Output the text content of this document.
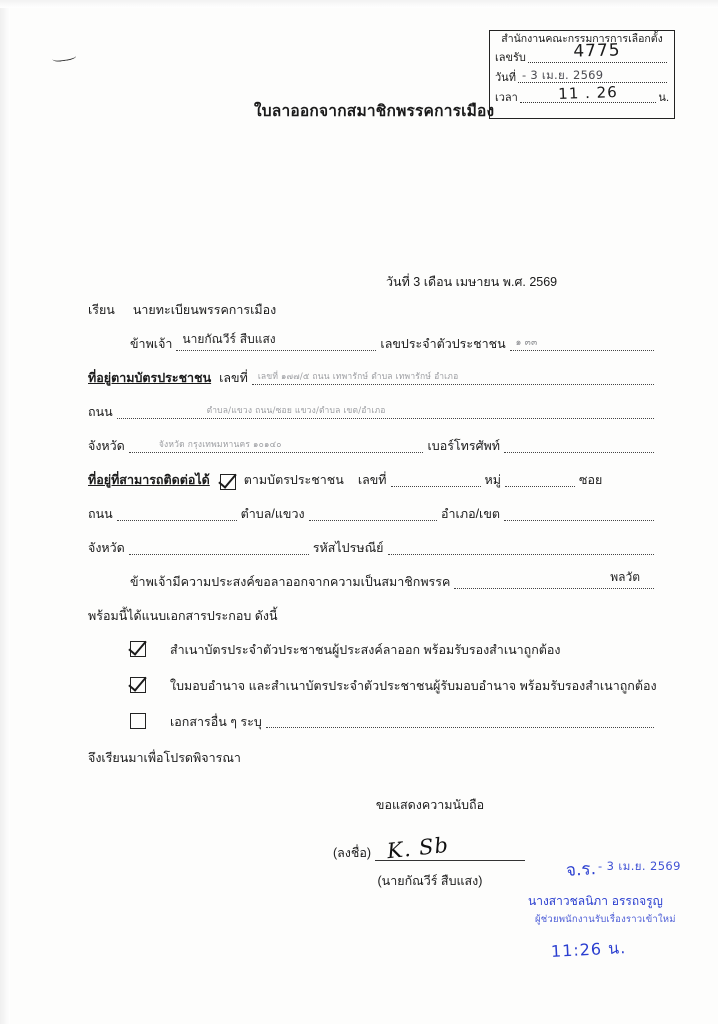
สำนักงานคณะกรรมการการเลือกตั้ง
เลขรับ	4775
วันที่ - 3 เม.ย. 2569
เวลา	11 . 26	น.
ใบลาออกจากสมาชิกพรรคการเมือง
วันที่ 3 เดือน เมษายน พ.ศ. 2569
เรียน นายทะเบียนพรรคการเมือง
ข้าพเจ้า นายกัณวีร์ สืบแสง	เลขประจำตัวประชาชน ๑ ๓๓
ที่อยู่ตามบัตรประชาชน เลขที่ เลขที่ ๑๗๗/๕ ถนน เทพารักษ์ ตำบล เทพารักษ์ อำเภอ
ถนน	ตำบล/แขวง ถนน/ซอย แขวง/ตำบล เขต/อำเภอ
จังหวัด	จังหวัด กรุงเทพมหานคร ๑๐๑๔๐	เบอร์โทรศัพท์
ที่อยู่ที่สามารถติดต่อได้	ตามบัตรประชาชน เลขที่	หมู่	ซอย
ถนน	ตำบล/แขวง	อำเภอ/เขต
จังหวัด	รหัสไปรษณีย์
ข้าพเจ้ามีความประสงค์ขอลาออกจากความเป็นสมาชิกพรรค	พลวัต
พร้อมนี้ได้แนบเอกสารประกอบ ดังนี้
สำเนาบัตรประจำตัวประชาชนผู้ประสงค์ลาออก พร้อมรับรองสำเนาถูกต้อง
ใบมอบอำนาจ และสำเนาบัตรประจำตัวประชาชนผู้รับมอบอำนาจ พร้อมรับรองสำเนาถูกต้อง
เอกสารอื่น ๆ ระบุ
จึงเรียนมาเพื่อโปรดพิจารณา
ขอแสดงความนับถือ
(ลงชื่อ) K. Sb
(นายกัณวีร์ สืบแสง)	จ.ร. - 3 เม.ย. 2569
นางสาวชลนิภา อรรถจรูญ
ผู้ช่วยพนักงานรับเรื่องราวเข้าใหม่
11:26 น.
